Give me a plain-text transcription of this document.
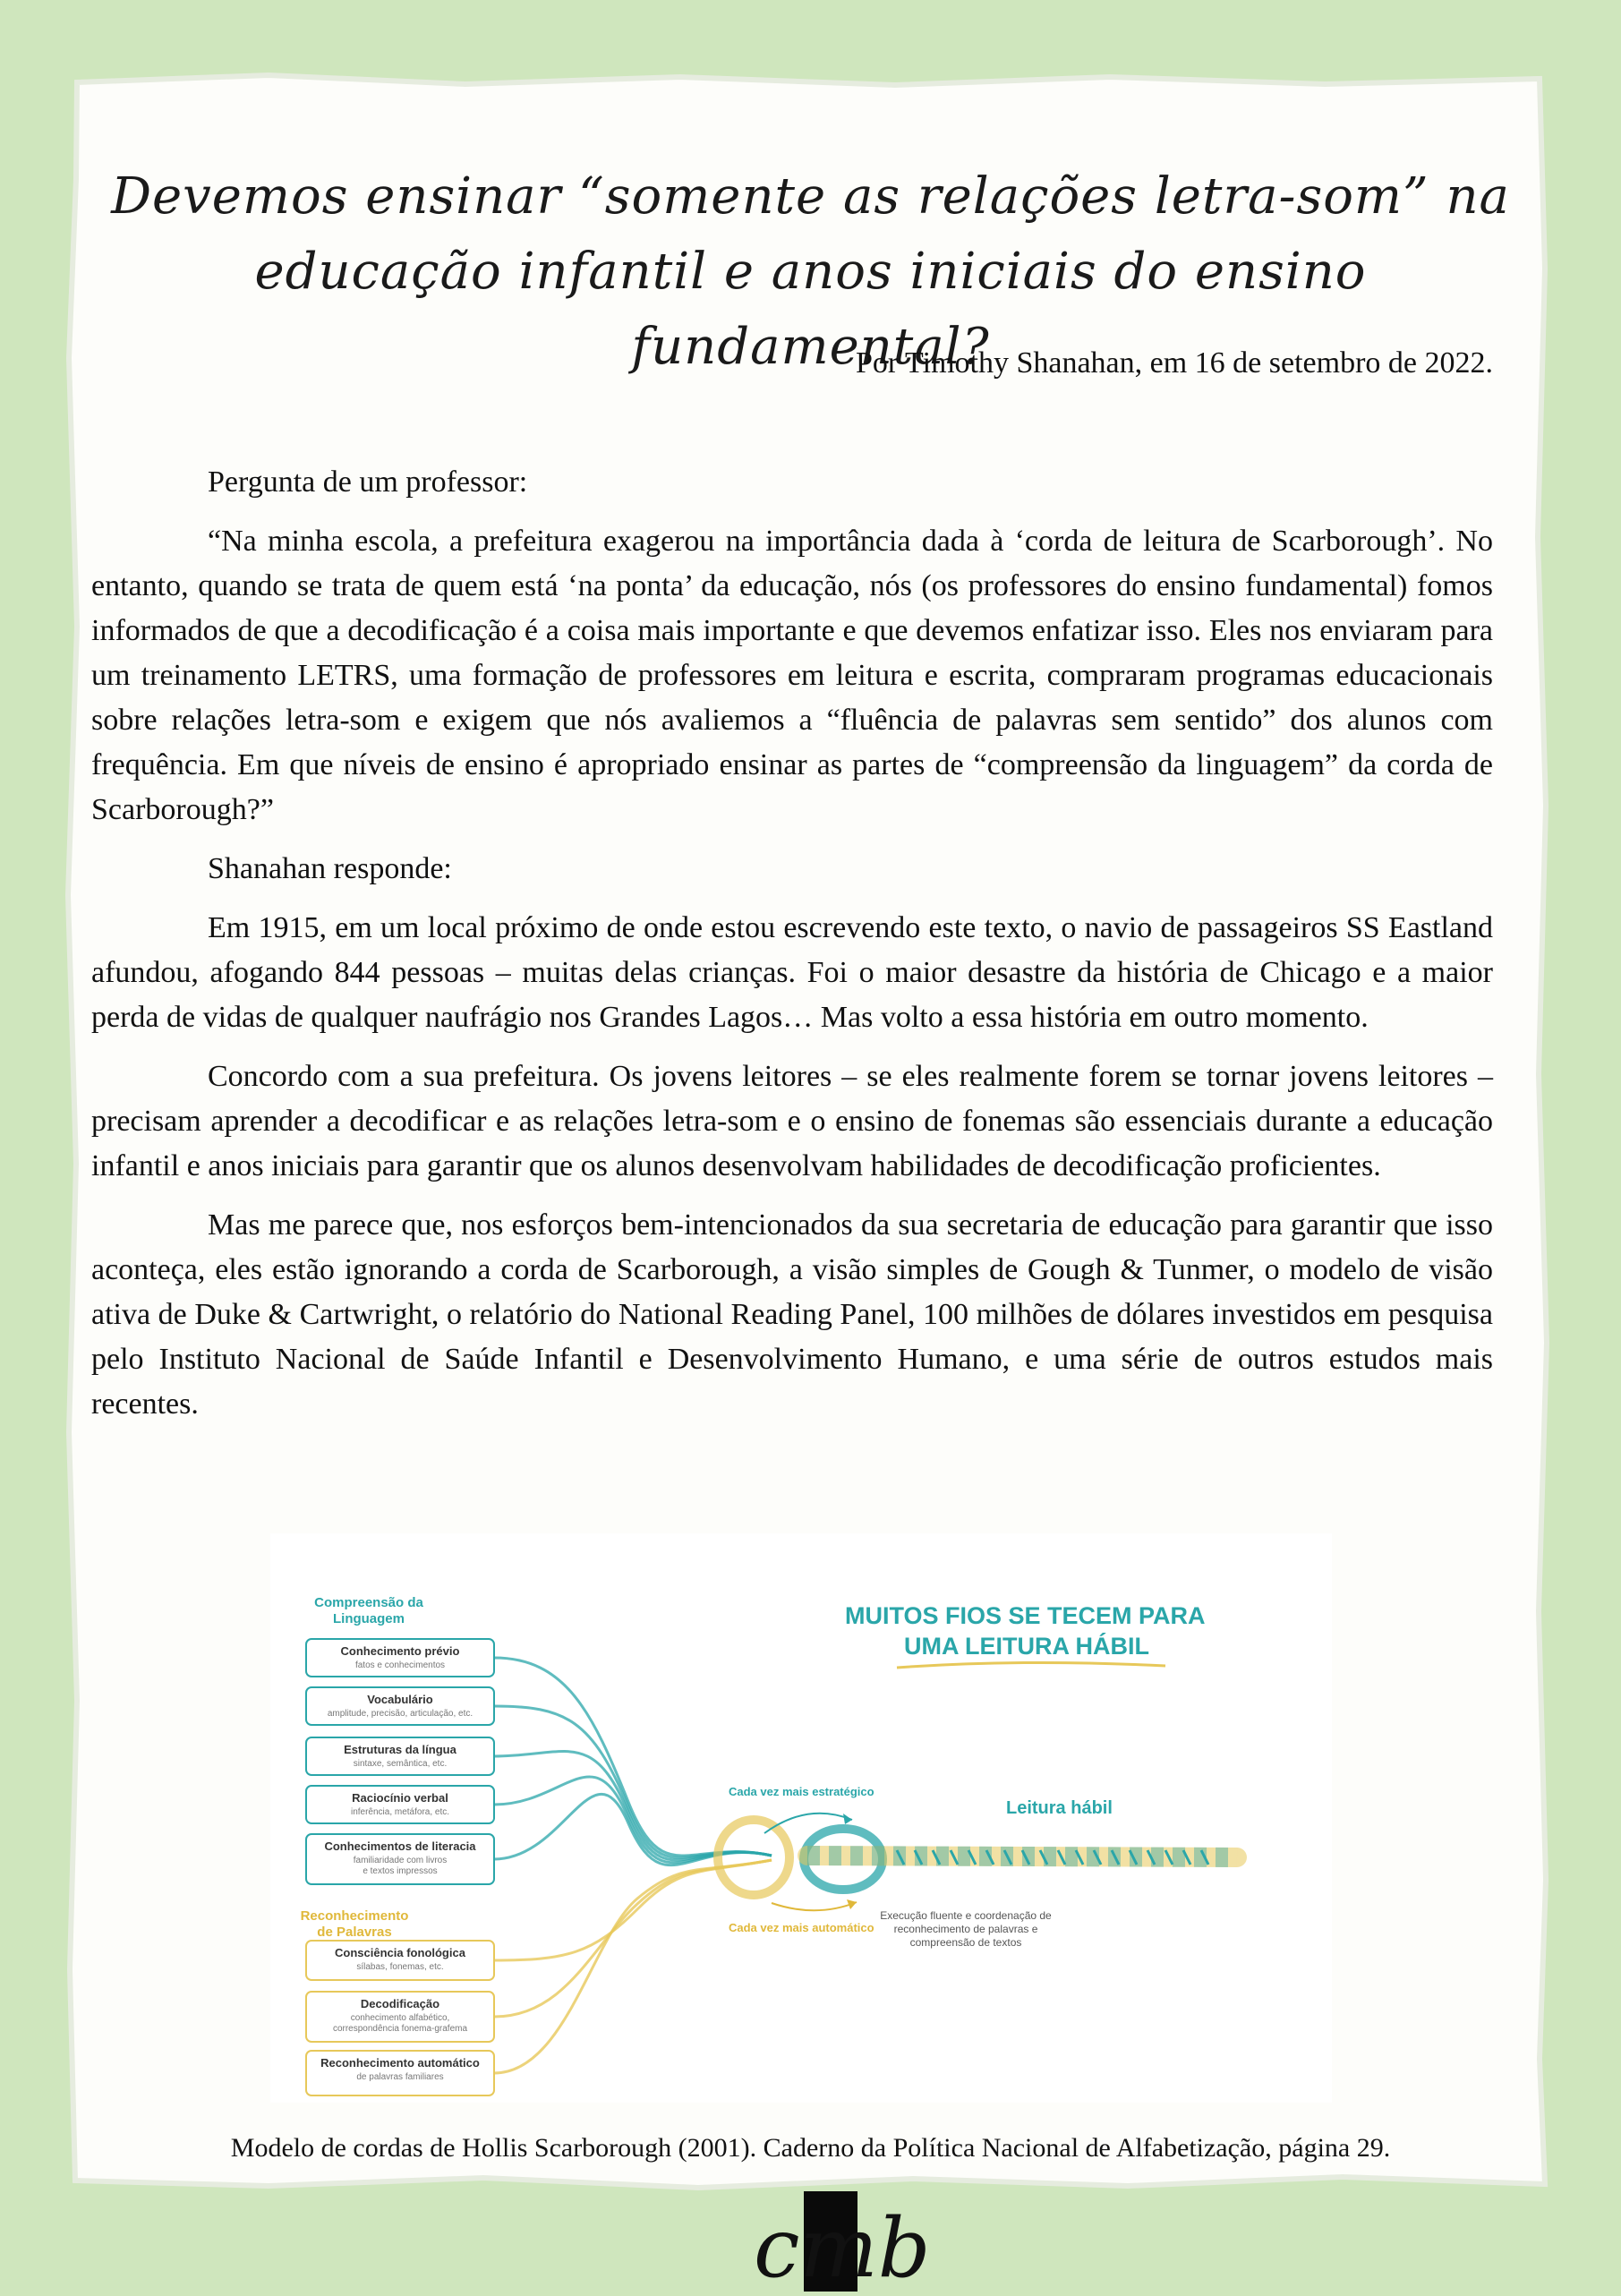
Devemos ensinar “somente as relações letra-som” na educação infantil e anos iniciais do ensino fundamental?
Por Timothy Shanahan, em 16 de setembro de 2022.

Pergunta de um professor:

“Na minha escola, a prefeitura exagerou na importância dada à ‘corda de leitura de Scarborough’. No entanto, quando se trata de quem está ‘na ponta’ da educação, nós (os professores do ensino fundamental) fomos informados de que a decodificação é a coisa mais importante e que devemos enfatizar isso. Eles nos enviaram para um treinamento LETRS, uma formação de professores em leitura e escrita, compraram programas educacionais sobre relações letra-som e exigem que nós avaliemos a “fluência de palavras sem sentido” dos alunos com frequência. Em que níveis de ensino é apropriado ensinar as partes de “compreensão da linguagem” da corda de Scarborough?”

Shanahan responde:

Em 1915, em um local próximo de onde estou escrevendo este texto, o navio de passageiros SS Eastland afundou, afogando 844 pessoas – muitas delas crianças. Foi o maior desastre da história de Chicago e a maior perda de vidas de qualquer naufrágio nos Grandes Lagos… Mas volto a essa história em outro momento.

Concordo com a sua prefeitura. Os jovens leitores – se eles realmente forem se tornar jovens leitores – precisam aprender a decodificar e as relações letra-som e o ensino de fonemas são essenciais durante a educação infantil e anos iniciais para garantir que os alunos desenvolvam habilidades de decodificação proficientes.

Mas me parece que, nos esforços bem-intencionados da sua secretaria de educação para garantir que isso aconteça, eles estão ignorando a corda de Scarborough, a visão simples de Gough & Tunmer, o modelo de visão ativa de Duke & Cartwright, o relatório do National Reading Panel, 100 milhões de dólares investidos em pesquisa pelo Instituto Nacional de Saúde Infantil e Desenvolvimento Humano, e uma série de outros estudos mais recentes.

Compreensão da
Linguagem
Reconhecimento
de Palavras
Conhecimento prévio
fatos e conhecimentos
Vocabulário
amplitude, precisão, articulação, etc.
Estruturas da língua
sintaxe, semântica, etc.
Raciocínio verbal
inferência, metáfora, etc.
Conhecimentos de literacia
familiaridade com livros
e textos impressos
Consciência fonológica
sílabas, fonemas, etc.
Decodificação
conhecimento alfabético,
correspondência fonema-grafema
Reconhecimento automático
de palavras familiares
MUITOS FIOS SE TECEM PARA
UMA LEITURA HÁBIL
Cada vez mais estratégico
Cada vez mais automático
Leitura hábil
Execução fluente e coordenação de
reconhecimento de palavras e
compreensão de textos
Modelo de cordas de Hollis Scarborough (2001). Caderno da Política Nacional de Alfabetização, página 29.
cmb
